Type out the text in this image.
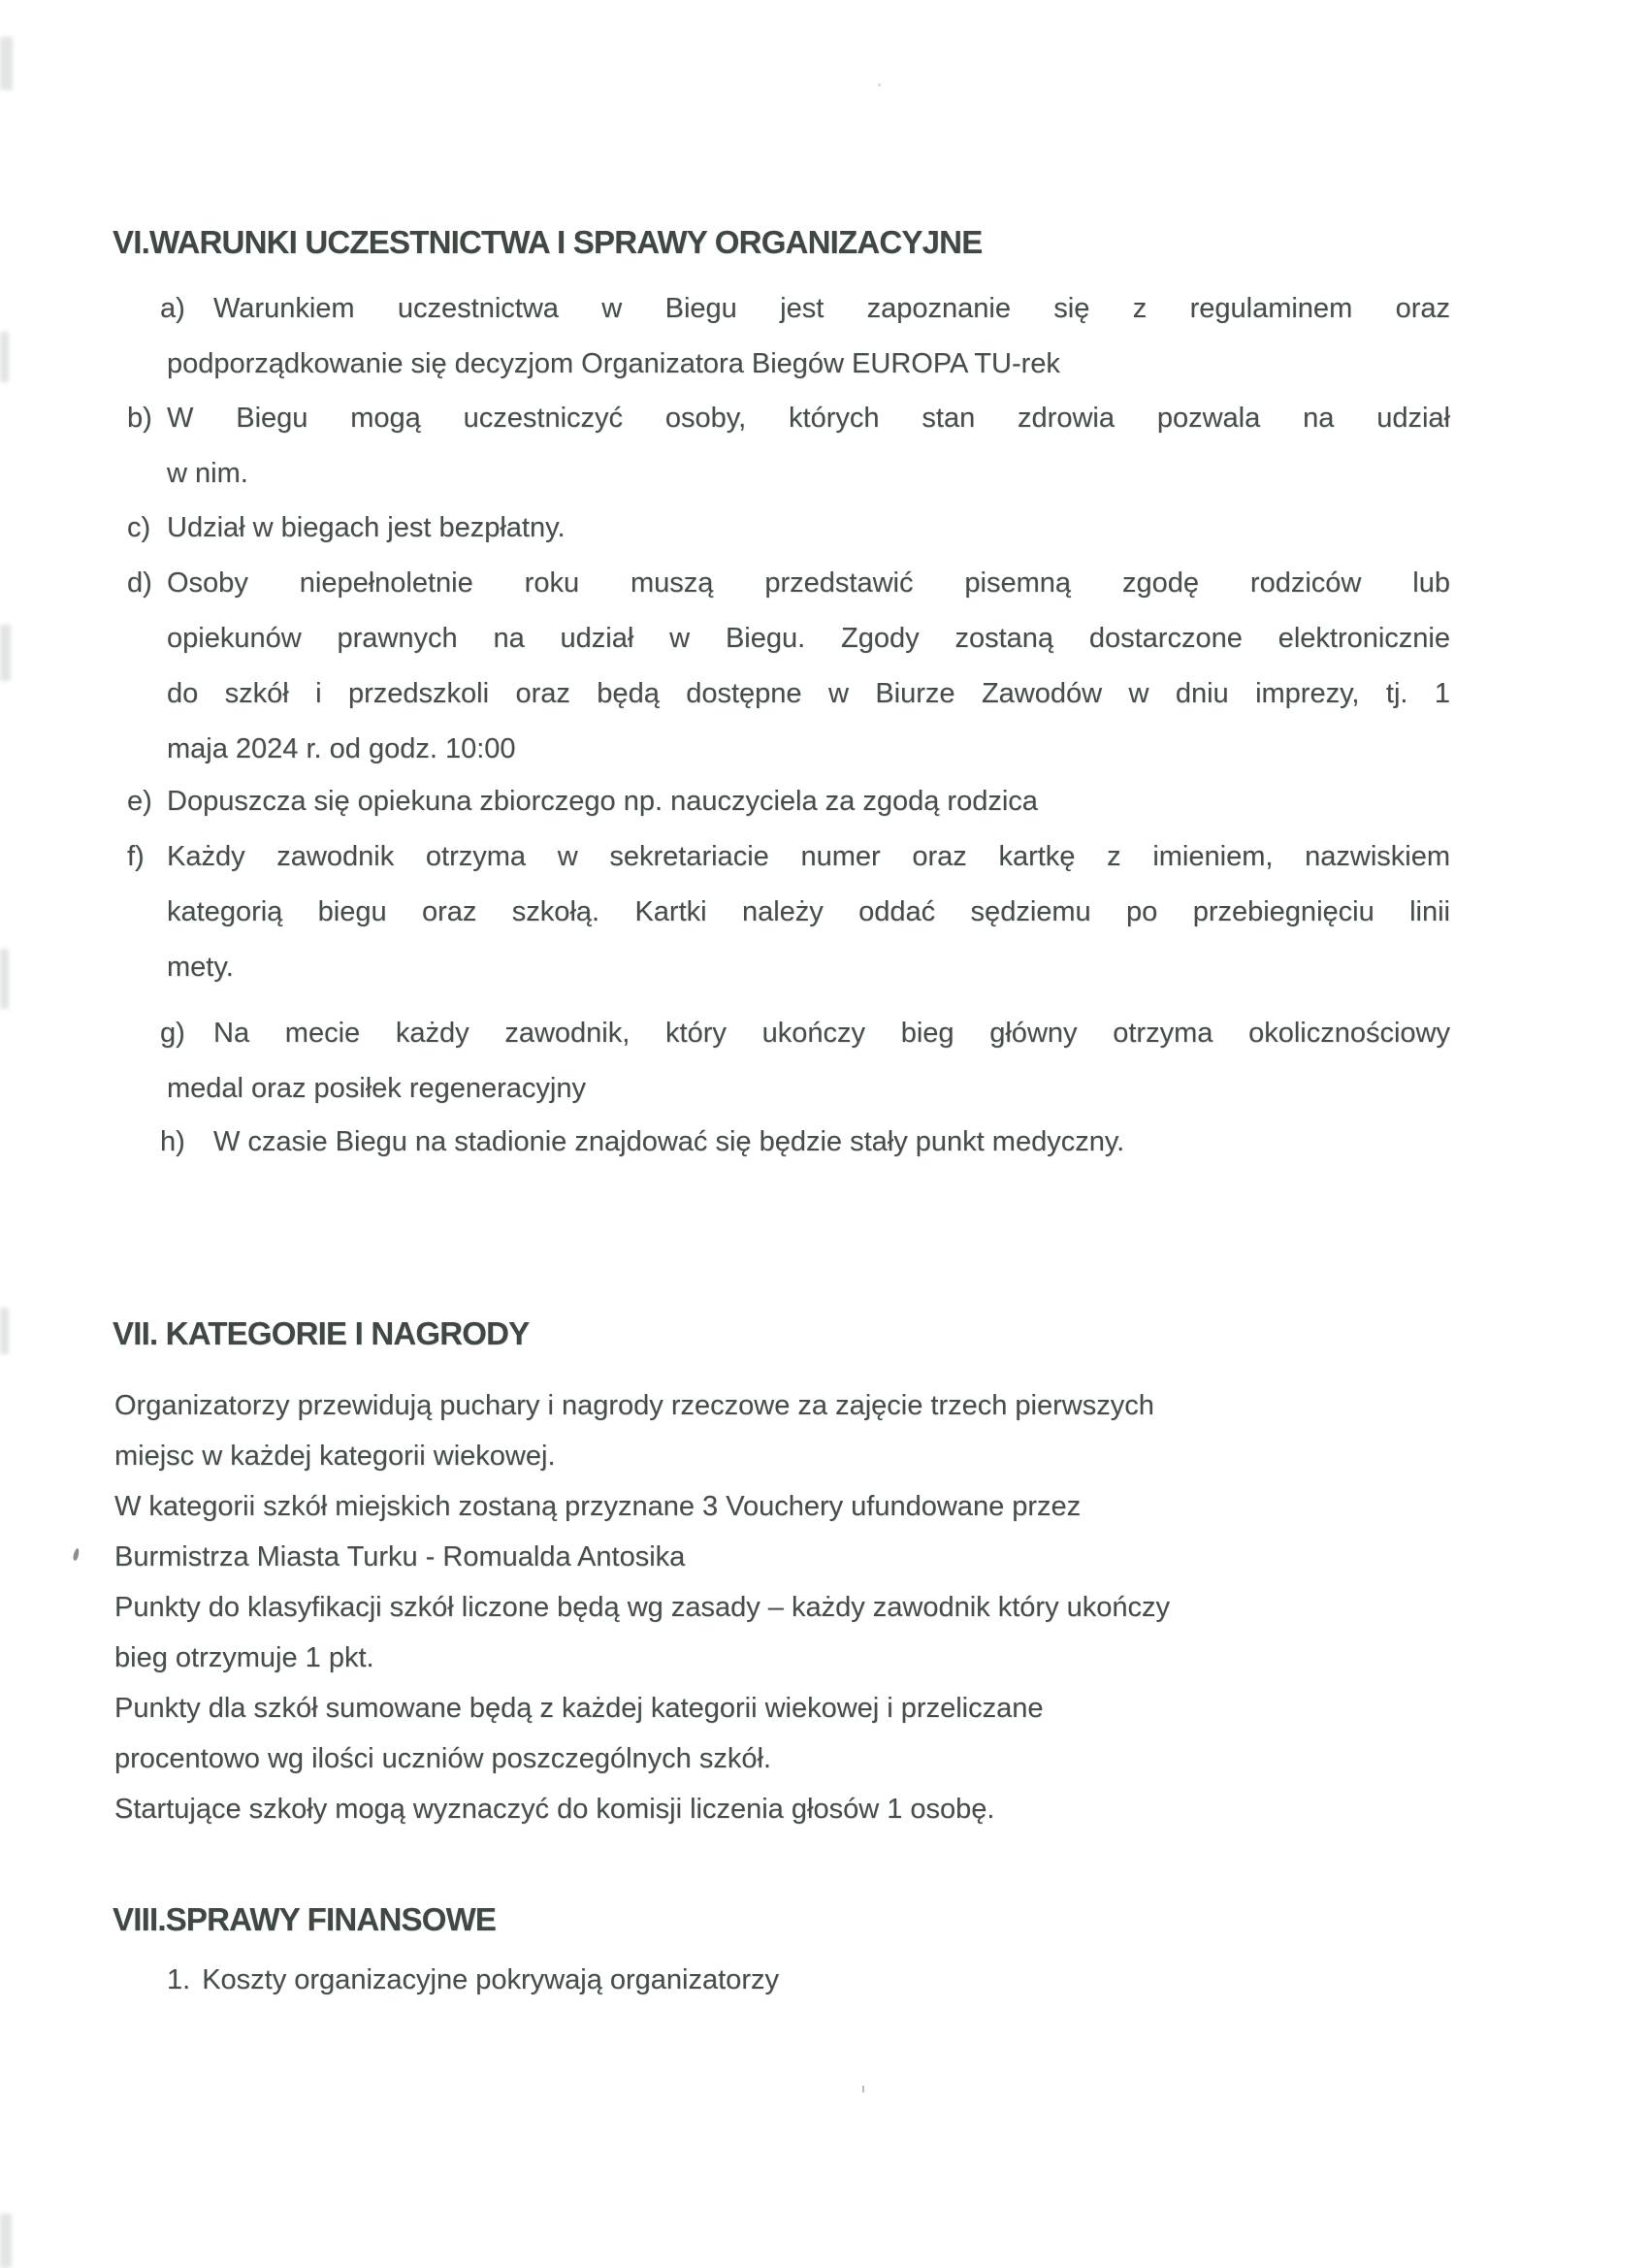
VI.WARUNKI UCZESTNICTWA I SPRAWY ORGANIZACYJNE
a)	Warunkiem uczestnictwa w Biegu jest zapoznanie się z regulaminem oraz
podporządkowanie się decyzjom Organizatora Biegów EUROPA TU-rek
b) W Biegu mogą uczestniczyć osoby, których stan zdrowia pozwala na udział
w nim.
c) Udział w biegach jest bezpłatny.
d) Osoby niepełnoletnie roku muszą przedstawić pisemną zgodę rodziców lub
opiekunów prawnych na udział w Biegu. Zgody zostaną dostarczone elektronicznie
do szkół i przedszkoli oraz będą dostępne w Biurze Zawodów w dniu imprezy, tj. 1
maja 2024 r. od godz. 10:00
e) Dopuszcza się opiekuna zbiorczego np. nauczyciela za zgodą rodzica
f) Każdy zawodnik otrzyma w sekretariacie numer oraz kartkę z imieniem, nazwiskiem
kategorią biegu oraz szkołą. Kartki należy oddać sędziemu po przebiegnięciu linii
mety.
g)	Na mecie każdy zawodnik, który ukończy bieg główny otrzyma okolicznościowy
medal oraz posiłek regeneracyjny
h)	W czasie Biegu na stadionie znajdować się będzie stały punkt medyczny.
VII. KATEGORIE I NAGRODY
Organizatorzy przewidują puchary i nagrody rzeczowe za zajęcie trzech pierwszych
miejsc w każdej kategorii wiekowej.
W kategorii szkół miejskich zostaną przyznane 3 Vouchery ufundowane przez
Burmistrza Miasta Turku - Romualda Antosika
Punkty do klasyfikacji szkół liczone będą wg zasady – każdy zawodnik który ukończy
bieg otrzymuje 1 pkt.
Punkty dla szkół sumowane będą z każdej kategorii wiekowej i przeliczane
procentowo wg ilości uczniów poszczególnych szkół.
Startujące szkoły mogą wyznaczyć do komisji liczenia głosów 1 osobę.
VIII.SPRAWY FINANSOWE
1. Koszty organizacyjne pokrywają organizatorzy
